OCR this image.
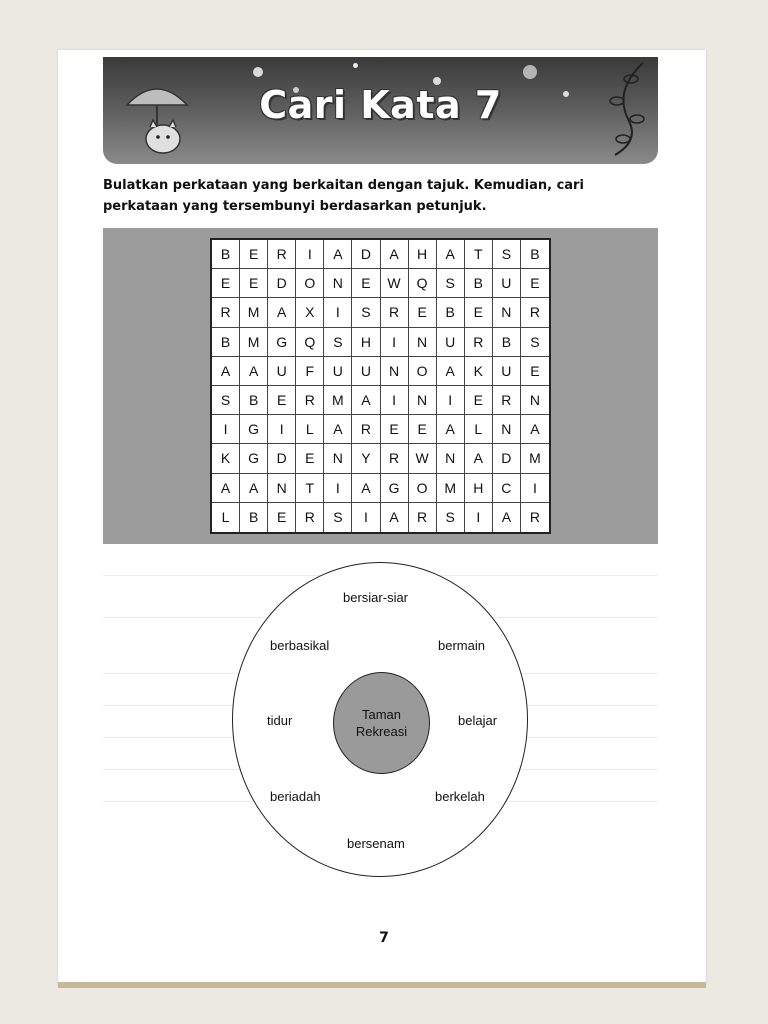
Cari Kata 7
Bulatkan perkataan yang berkaitan dengan tajuk. Kemudian, cari perkataan yang tersembunyi berdasarkan petunjuk.
B	E	R	I	A	D	A	H	A	T	S	B
E	E	D	O	N	E	W	Q	S	B	U	E
R	M	A	X	I	S	R	E	B	E	N	R
B	M	G	Q	S	H	I	N	U	R	B	S
A	A	U	F	U	U	N	O	A	K	U	E
S	B	E	R	M	A	I	N	I	E	R	N
I	G	I	L	A	R	E	E	A	L	N	A
K	G	D	E	N	Y	R	W	N	A	D	M
A	A	N	T	I	A	G	O	M	H	C	I
L	B	E	R	S	I	A	R	S	I	A	R
Taman
Rekreasi
bersiar-siar
berbasikal	bermain
tidur	belajar
beriadah	berkelah
bersenam
7
